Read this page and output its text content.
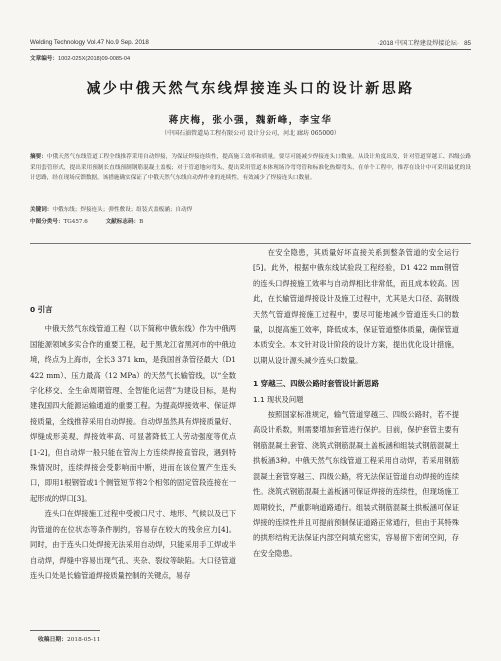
Welding Technology Vol.47 No.9 Sep. 2018	·2018 中国工程建设焊接论坛· 85
文章编号：1002-025X(2018)09-0085-04
减少中俄天然气东线焊接连头口的设计新思路
蒋庆梅，张小强，魏新峰，李宝华
（中国石油管道局工程有限公司 设计分公司，河北 廊坊 065000）
摘要：中俄天然气东线管道工程全线推荐采用自动焊接，为保证焊接连续性，提高施工效率和质量，要尽可能减少焊接连头口数量。从设计角度出发，针对管道穿越工、四级公路采用套管形式，提出采用预制长直线预制钢筋混凝土盖板；对于管道地向弯头，提出采用管道本体现场冷弯弯管和标准化热煨弯头，在单个工程中，推荐在设计中可采用最优的设计思路，经在现场反馈数据，该措施确实保证了中俄天然气东线自动焊作业的连续性，有效减少了焊接连头口数量。
关键词：中俄东线；焊接连头；弹性敷设；组装式盖板涵；自动焊
中图分类号：TG457.6	文献标志码：B

0 引言

中俄天然气东线管道工程（以下简称中俄东线）作为中俄两国能源领域多实合作的重要工程，起于黑龙江省黑河市的中俄边境，终点为上海市，全长3 371 km，是我国首条管径最大（D1 422 mm）、压力最高（12 MPa）的天然气长输管线，以“全数字化移交、全生命周期管理、全智能化运营”为建设目标，是构建我国四大能源运输通道的重要工程。为提高焊接效率、保证焊接质量，全线推荐采用自动焊接。自动焊虽然具有焊接质量好、焊缝成形美观、焊接效率高、可显著降低工人劳动强度等优点[1-2]，但自动焊一般只能在管沟上方连续焊接直管段，遇到特殊情况时，连续焊接会受影响而中断，进而在该位置产生连头口，即用1根钢管或1个侧管短节将2个相邻的固定管段连接在一起形成的焊口[3]。

连头口在焊接施工过程中受被口尺寸、地形、气候以及已下沟管道的在位状态等条件制约，容易存在较大的残余应力[4]。同时，由于连头口处焊接无法采用自动焊，只能采用手工焊或半自动焊，焊缝中容易出现气孔、夹杂、裂纹等缺陷。大口径管道连头口处是长输管道焊接质量控制的关键点，易存

在安全隐患，其质量好坏直接关系到整条管道的安全运行[5]。此外，根据中俄东线试验段工程经验，D1 422 mm钢管的连头口焊接施工效率与自动焊相比非常低，而且成本较高。因此，在长输管道焊接设计及施工过程中，尤其是大口径、高钢级天然气管道焊接施工过程中，要尽可能地减少管道连头口的数量，以提高施工效率，降低成本，保证管道整体质量，确保管道本质安全。本文针对设计阶段的设计方案，提出优化设计措施，以期从设计源头减少连头口数量。

1 穿越三、四级公路时套管设计新思路

1.1 现状及问题

按照国家标准规定，输气管道穿越三、四级公路时，若不提高设计系数，则需要增加套管进行保护。目前，保护套管主要有钢筋混凝土套管、浇筑式钢筋混凝土盖板涵和组装式钢筋混凝土拱板涵3种。中俄天然气东线管道工程采用自动焊，若采用钢筋混凝土套管穿越三、四级公路，将无法保证管道自动焊接的连续性。浇筑式钢筋混凝土盖板涵可保证焊接的连续性，但现场施工周期较长，严重影响道路通行。组装式钢筋混凝土拱板涵可保证焊接的连续性并且可提前预制保证道路正常通行，但由于其特殊的拱形结构无法保证内部空间填充密实，容易留下密闭空间，存在安全隐患。

收稿日期：2018-05-11
